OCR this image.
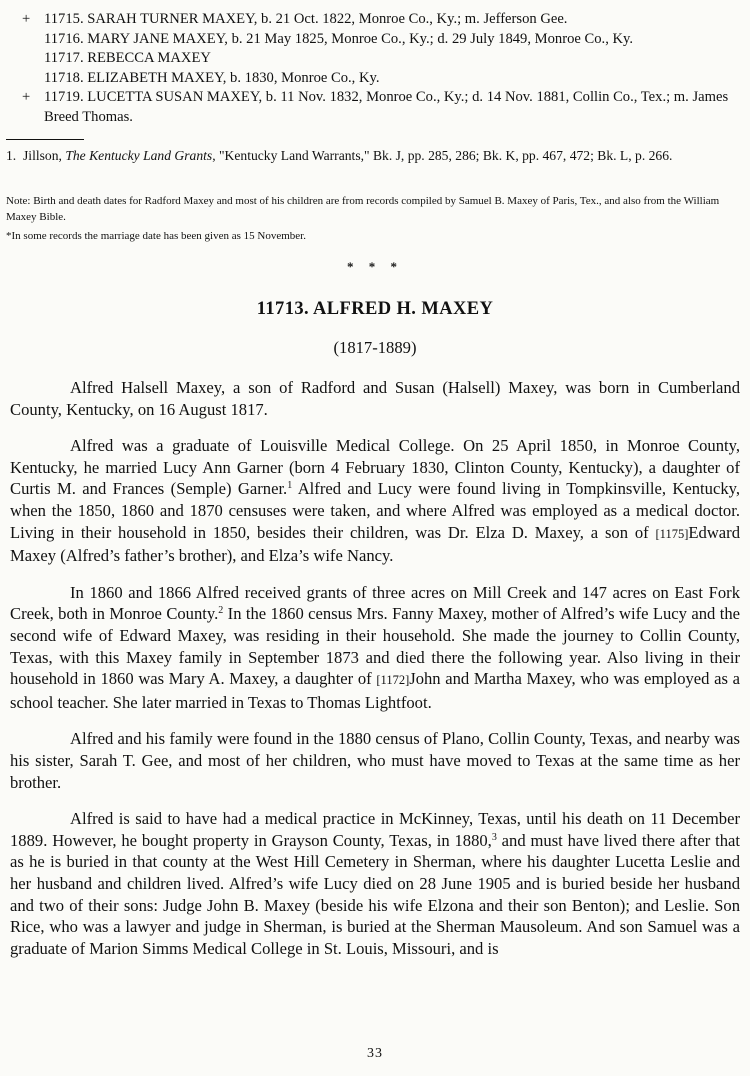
+ 11715. SARAH TURNER MAXEY, b. 21 Oct. 1822, Monroe Co., Ky.; m. Jefferson Gee.
11716. MARY JANE MAXEY, b. 21 May 1825, Monroe Co., Ky.; d. 29 July 1849, Monroe Co., Ky.
11717. REBECCA MAXEY
11718. ELIZABETH MAXEY, b. 1830, Monroe Co., Ky.
+ 11719. LUCETTA SUSAN MAXEY, b. 11 Nov. 1832, Monroe Co., Ky.; d. 14 Nov. 1881, Collin Co., Tex.; m. James Breed Thomas.
1. Jillson, The Kentucky Land Grants, "Kentucky Land Warrants," Bk. J, pp. 285, 286; Bk. K, pp. 467, 472; Bk. L, p. 266.
Note: Birth and death dates for Radford Maxey and most of his children are from records compiled by Samuel B. Maxey of Paris, Tex., and also from the William Maxey Bible.
*In some records the marriage date has been given as 15 November.
* * *
11713. ALFRED H. MAXEY
(1817-1889)

Alfred Halsell Maxey, a son of Radford and Susan (Halsell) Maxey, was born in Cumberland County, Kentucky, on 16 August 1817.

Alfred was a graduate of Louisville Medical College. On 25 April 1850, in Monroe County, Kentucky, he married Lucy Ann Garner (born 4 February 1830, Clinton County, Kentucky), a daughter of Curtis M. and Frances (Semple) Garner.$^1$ Alfred and Lucy were found living in Tompkinsville, Kentucky, when the 1850, 1860 and 1870 censuses were taken, and where Alfred was employed as a medical doctor. Living in their household in 1850, besides their children, was Dr. Elza D. Maxey, a son of [1175]Edward Maxey (Alfred’s father’s brother), and Elza’s wife Nancy.

In 1860 and 1866 Alfred received grants of three acres on Mill Creek and 147 acres on East Fork Creek, both in Monroe County.$^2$ In the 1860 census Mrs. Fanny Maxey, mother of Alfred’s wife Lucy and the second wife of Edward Maxey, was residing in their household. She made the journey to Collin County, Texas, with this Maxey family in September 1873 and died there the following year. Also living in their household in 1860 was Mary A. Maxey, a daughter of [1172]John and Martha Maxey, who was employed as a school teacher. She later married in Texas to Thomas Lightfoot.

Alfred and his family were found in the 1880 census of Plano, Collin County, Texas, and nearby was his sister, Sarah T. Gee, and most of her children, who must have moved to Texas at the same time as her brother.

Alfred is said to have had a medical practice in McKinney, Texas, until his death on 11 December 1889. However, he bought property in Grayson County, Texas, in 1880,$^3$ and must have lived there after that as he is buried in that county at the West Hill Cemetery in Sherman, where his daughter Lucetta Leslie and her husband and children lived. Alfred’s wife Lucy died on 28 June 1905 and is buried beside her husband and two of their sons: Judge John B. Maxey (beside his wife Elzona and their son Benton); and Leslie. Son Rice, who was a lawyer and judge in Sherman, is buried at the Sherman Mausoleum. And son Samuel was a graduate of Marion Simms Medical College in St. Louis, Missouri, and is

33
